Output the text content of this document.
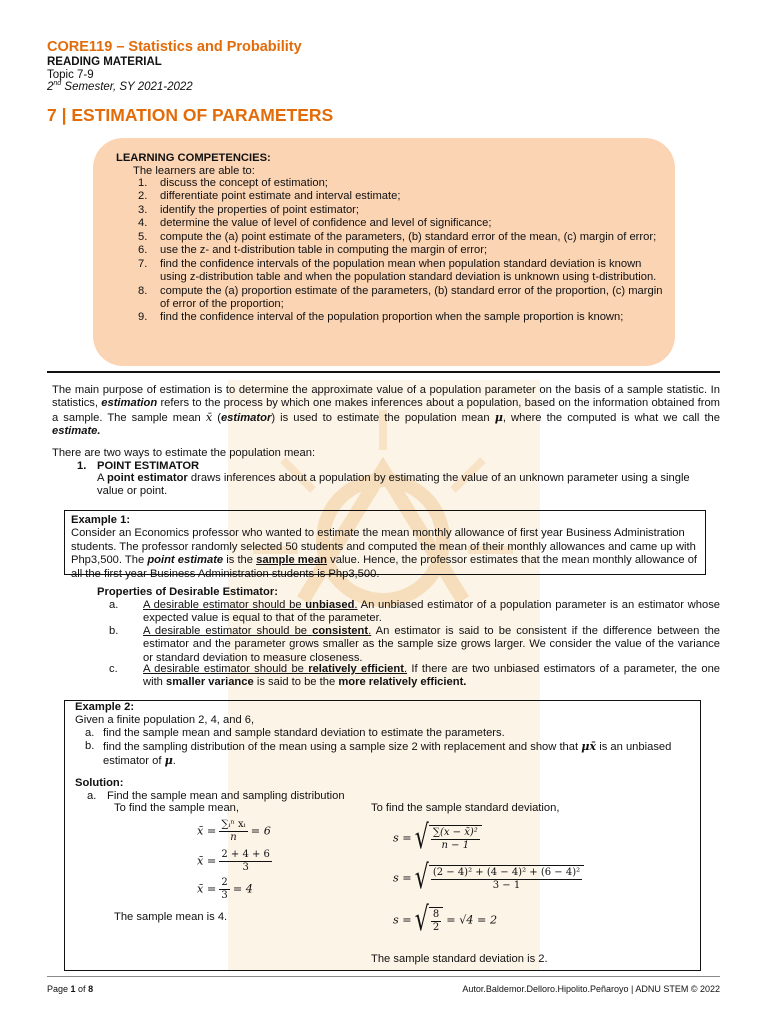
CORE119 – Statistics and Probability
READING MATERIAL
Topic 7-9
2nd Semester, SY 2021-2022
7 | ESTIMATION OF PARAMETERS
LEARNING COMPETENCIES:
The learners are able to:
1. discuss the concept of estimation;
2. differentiate point estimate and interval estimate;
3. identify the properties of point estimator;
4. determine the value of level of confidence and level of significance;
5. compute the (a) point estimate of the parameters, (b) standard error of the mean, (c) margin of error;
6. use the z- and t-distribution table in computing the margin of error;
7. find the confidence intervals of the population mean when population standard deviation is known using z-distribution table and when the population standard deviation is unknown using t-distribution.
8. compute the (a) proportion estimate of the parameters, (b) standard error of the proportion, (c) margin of error of the proportion;
9. find the confidence interval of the population proportion when the sample proportion is known;
The main purpose of estimation is to determine the approximate value of a population parameter on the basis of a sample statistic. In statistics, estimation refers to the process by which one makes inferences about a population, based on the information obtained from a sample. The sample mean x̄ (estimator) is used to estimate the population mean μ, where the computed is what we call the estimate.
There are two ways to estimate the population mean:
1. POINT ESTIMATOR
A point estimator draws inferences about a population by estimating the value of an unknown parameter using a single value or point.
Example 1:
Consider an Economics professor who wanted to estimate the mean monthly allowance of first year Business Administration students. The professor randomly selected 50 students and computed the mean of their monthly allowances and came up with Php3,500. The point estimate is the sample mean value. Hence, the professor estimates that the mean monthly allowance of all the first year Business Administration students is Php3,500.
Properties of Desirable Estimator:
a. A desirable estimator should be unbiased. An unbiased estimator of a population parameter is an estimator whose expected value is equal to that of the parameter.
b. A desirable estimator should be consistent. An estimator is said to be consistent if the difference between the estimator and the parameter grows smaller as the sample size grows larger. We consider the value of the variance or standard deviation to measure closeness.
c. A desirable estimator should be relatively efficient. If there are two unbiased estimators of a parameter, the one with smaller variance is said to be the more relatively efficient.
Example 2:
Given a finite population 2, 4, and 6,
a. find the sample mean and sample standard deviation to estimate the parameters.
b. find the sampling distribution of the mean using a sample size 2 with replacement and show that μx̄ is an unbiased estimator of μ.
Solution:
a. Find the sample mean and sampling distribution
To find the sample mean,	To find the sample standard deviation,
x̄ = $\frac{\text{∑ᵢⁿ xᵢ}}{n} = 6$
x̄ = $\frac{2 + 4 + 6}{3}$
x̄ = $\frac{2}{3} = 4$
The sample mean is 4.
s = √ $\frac{\text{∑(x − x̄)²}}{n - 1}$
s = √ $\frac{\text{(2 − 4)² + (4 − 4)² + (6 − 4)²}}{3 - 1}$
s = √ $\frac{8}{2} = √4 = 2$
The sample standard deviation is 2.
Page 1 of 8	Autor.Baldemor.Delloro.Hipolito.Peñaroyo | ADNU STEM © 2022
